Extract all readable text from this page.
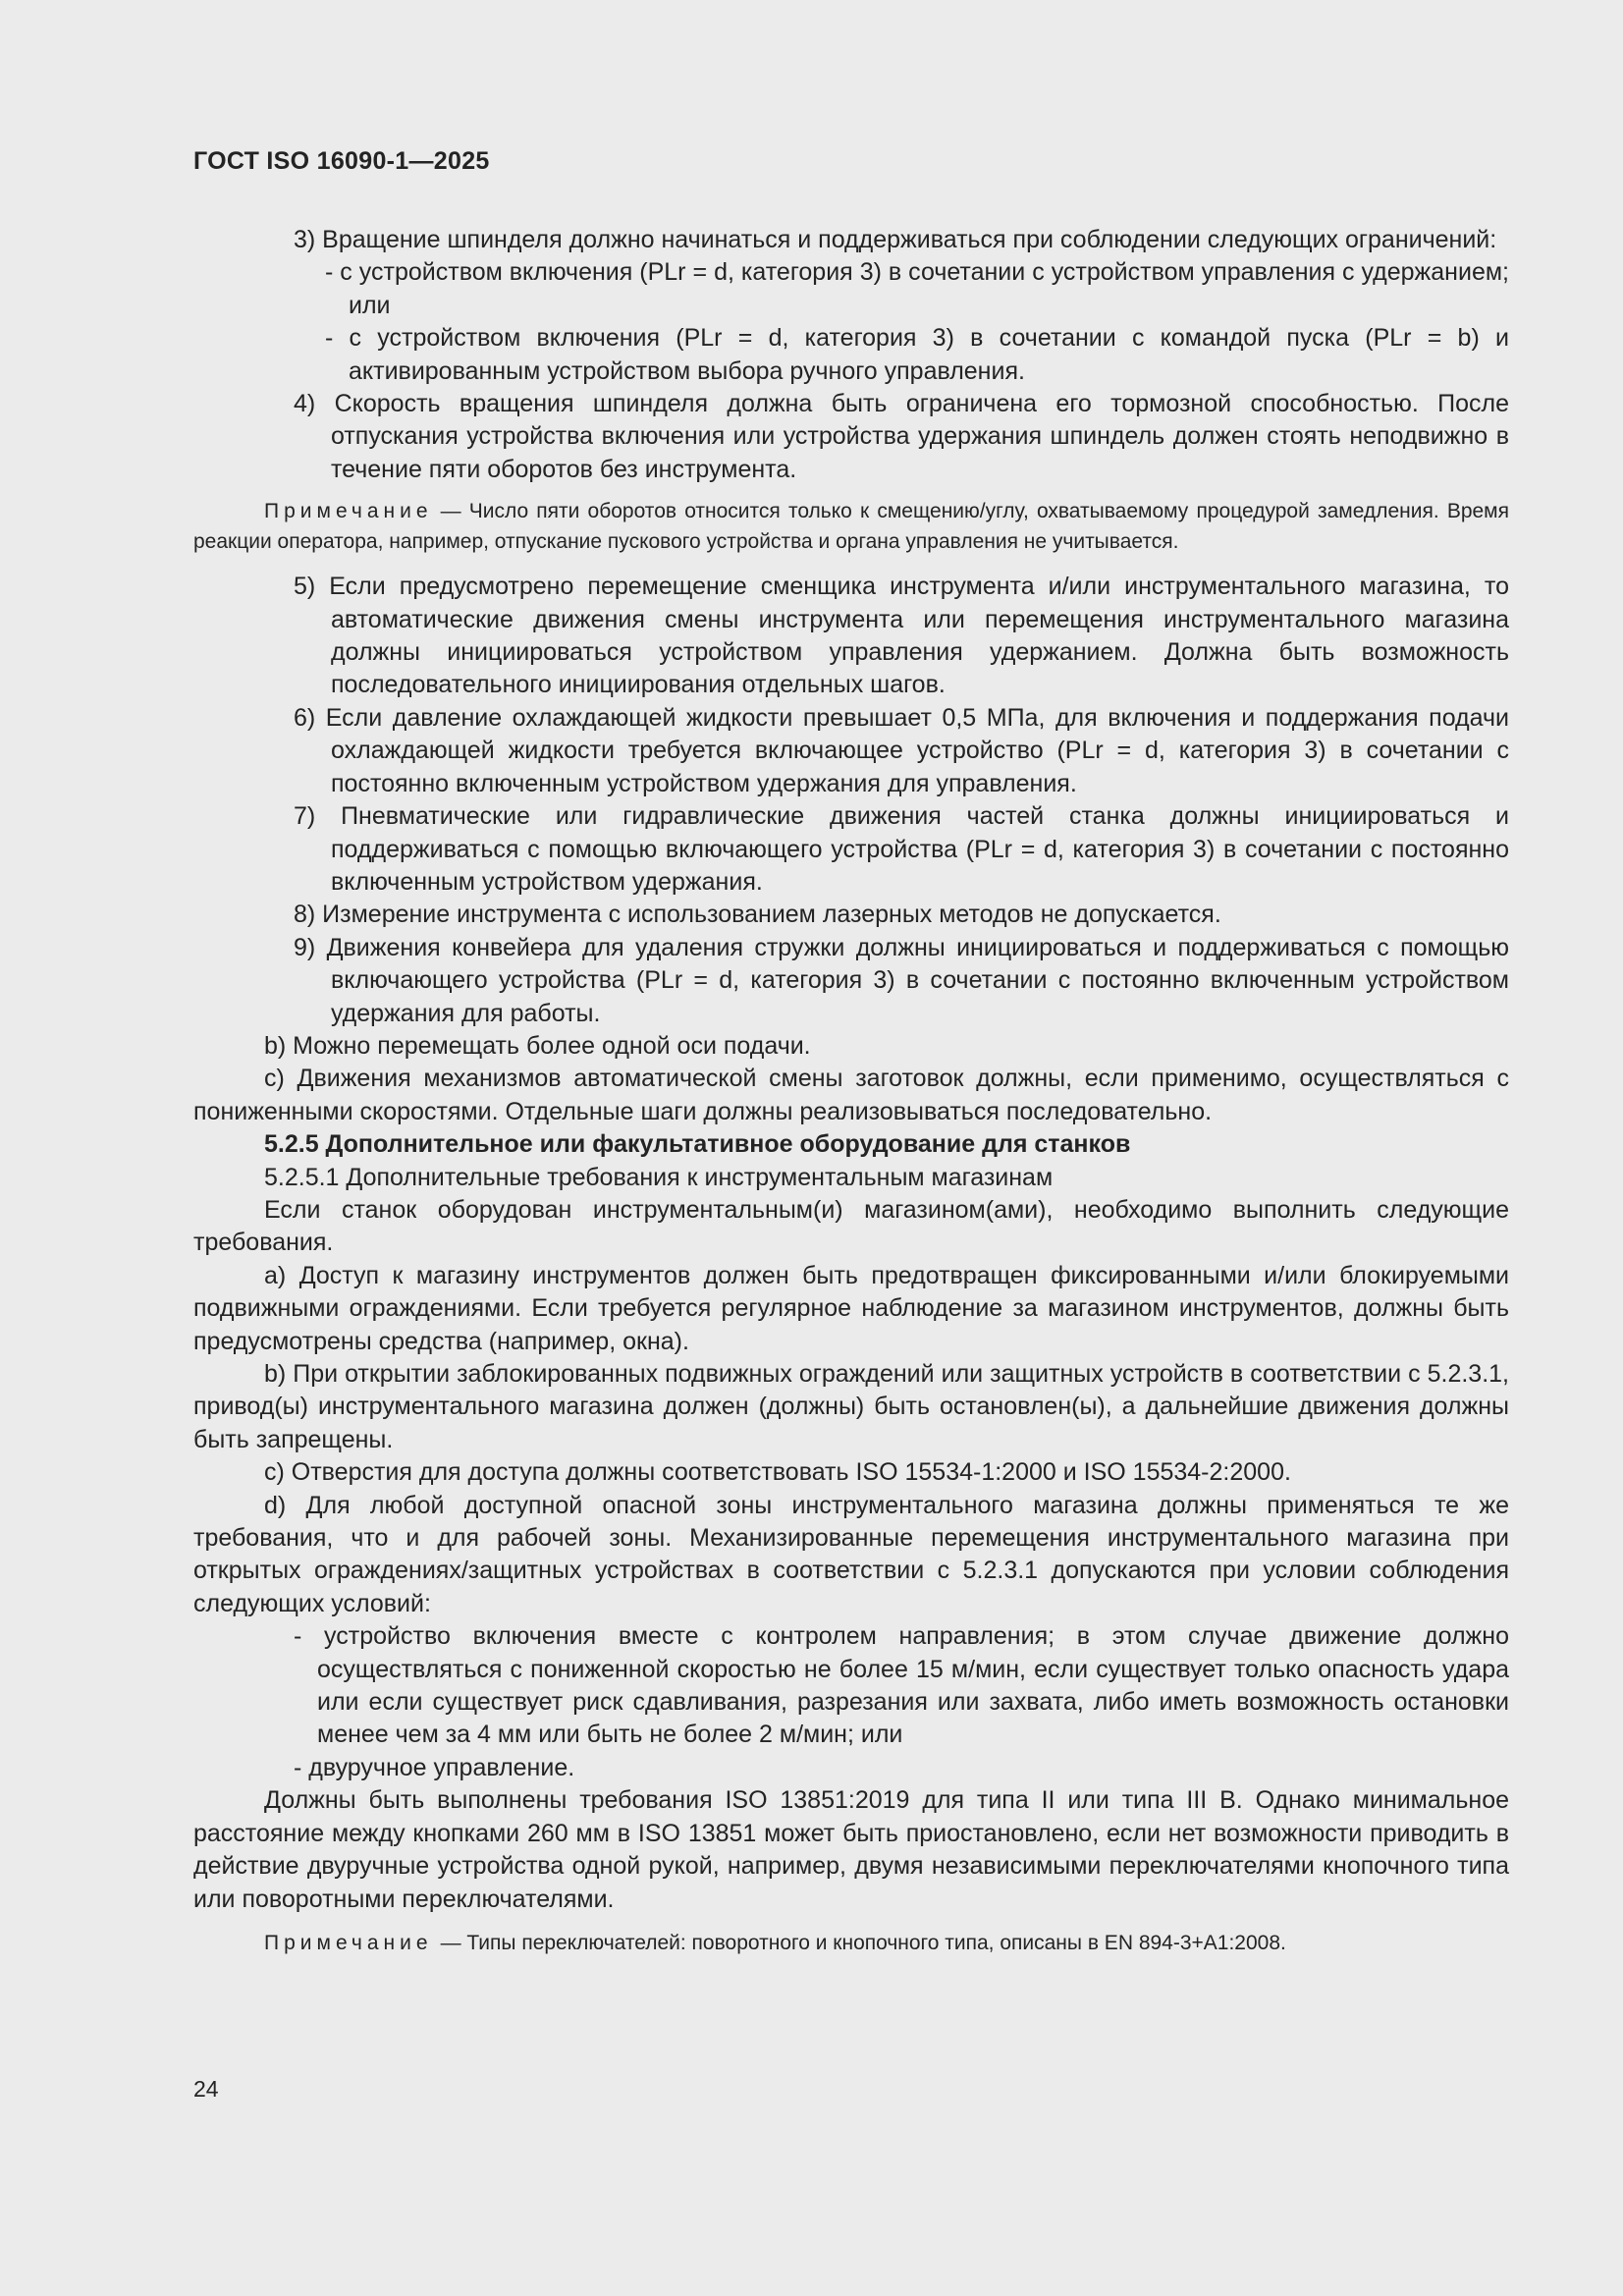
ГОСТ ISO 16090-1—2025

3) Вращение шпинделя должно начинаться и поддерживаться при соблюдении следующих ограничений:

- с устройством включения (PLr = d, категория 3) в сочетании с устройством управления с удержанием; или

- с устройством включения (PLr = d, категория 3) в сочетании с командой пуска (PLr = b) и активированным устройством выбора ручного управления.

4) Скорость вращения шпинделя должна быть ограничена его тормозной способностью. После отпускания устройства включения или устройства удержания шпиндель должен стоять неподвижно в течение пяти оборотов без инструмента.

Примечание — Число пяти оборотов относится только к смещению/углу, охватываемому процедурой замедления. Время реакции оператора, например, отпускание пускового устройства и органа управления не учитывается.

5) Если предусмотрено перемещение сменщика инструмента и/или инструментального магазина, то автоматические движения смены инструмента или перемещения инструментального магазина должны инициироваться устройством управления удержанием. Должна быть возможность последовательного инициирования отдельных шагов.

6) Если давление охлаждающей жидкости превышает 0,5 МПа, для включения и поддержания подачи охлаждающей жидкости требуется включающее устройство (PLr = d, категория 3) в сочетании с постоянно включенным устройством удержания для управления.

7) Пневматические или гидравлические движения частей станка должны инициироваться и поддерживаться с помощью включающего устройства (PLr = d, категория 3) в сочетании с постоянно включенным устройством удержания.

8) Измерение инструмента с использованием лазерных методов не допускается.

9) Движения конвейера для удаления стружки должны инициироваться и поддерживаться с помощью включающего устройства (PLr = d, категория 3) в сочетании с постоянно включенным устройством удержания для работы.

b) Можно перемещать более одной оси подачи.

c) Движения механизмов автоматической смены заготовок должны, если применимо, осуществляться с пониженными скоростями. Отдельные шаги должны реализовываться последовательно.

5.2.5 Дополнительное или факультативное оборудование для станков

5.2.5.1 Дополнительные требования к инструментальным магазинам

Если станок оборудован инструментальным(и) магазином(ами), необходимо выполнить следующие требования.

a) Доступ к магазину инструментов должен быть предотвращен фиксированными и/или блокируемыми подвижными ограждениями. Если требуется регулярное наблюдение за магазином инструментов, должны быть предусмотрены средства (например, окна).

b) При открытии заблокированных подвижных ограждений или защитных устройств в соответствии с 5.2.3.1, привод(ы) инструментального магазина должен (должны) быть остановлен(ы), а дальнейшие движения должны быть запрещены.

c) Отверстия для доступа должны соответствовать ISO 15534-1:2000 и ISO 15534-2:2000.

d) Для любой доступной опасной зоны инструментального магазина должны применяться те же требования, что и для рабочей зоны. Механизированные перемещения инструментального магазина при открытых ограждениях/защитных устройствах в соответствии с 5.2.3.1 допускаются при условии соблюдения следующих условий:

- устройство включения вместе с контролем направления; в этом случае движение должно осуществляться с пониженной скоростью не более 15 м/мин, если существует только опасность удара или если существует риск сдавливания, разрезания или захвата, либо иметь возможность остановки менее чем за 4 мм или быть не более 2 м/мин; или

- двуручное управление.

Должны быть выполнены требования ISO 13851:2019 для типа II или типа III B. Однако минимальное расстояние между кнопками 260 мм в ISO 13851 может быть приостановлено, если нет возможности приводить в действие двуручные устройства одной рукой, например, двумя независимыми переключателями кнопочного типа или поворотными переключателями.

Примечание — Типы переключателей: поворотного и кнопочного типа, описаны в EN 894-3+A1:2008.

24
